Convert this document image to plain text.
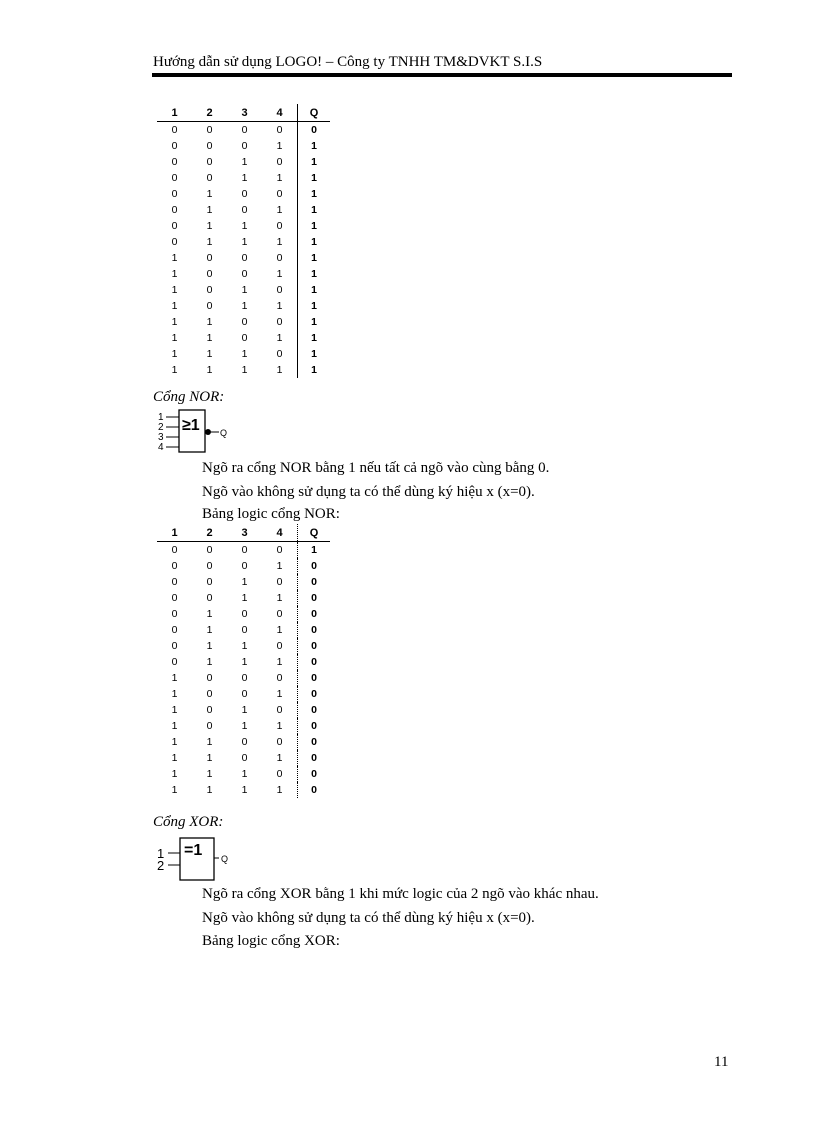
Hướng dẫn sử dụng LOGO! – Công ty TNHH TM&DVKT S.I.S
1	2	3	4	Q
0	0	0	0	0
0	0	0	1	1
0	0	1	0	1
0	0	1	1	1
0	1	0	0	1
0	1	0	1	1
0	1	1	0	1
0	1	1	1	1
1	0	0	0	1
1	0	0	1	1
1	0	1	0	1
1	0	1	1	1
1	1	0	0	1
1	1	0	1	1
1	1	1	0	1
1	1	1	1	1
Cổng NOR:
1
2
3
4
≥1 Q
Ngõ ra cổng NOR bằng 1 nếu tất cả ngõ vào cùng bằng 0.
Ngõ vào không sử dụng ta có thể dùng ký hiệu x (x=0).
Bảng logic cổng NOR:
1	2	3	4	Q
0	0	0	0	1
0	0	0	1	0
0	0	1	0	0
0	0	1	1	0
0	1	0	0	0
0	1	0	1	0
0	1	1	0	0
0	1	1	1	0
1	0	0	0	0
1	0	0	1	0
1	0	1	0	0
1	0	1	1	0
1	1	0	0	0
1	1	0	1	0
1	1	1	0	0
1	1	1	1	0
Cổng XOR:
1
2
=1 Q
Ngõ ra cổng XOR bằng 1 khi mức logic của 2 ngõ vào khác nhau.
Ngõ vào không sử dụng ta có thể dùng ký hiệu x (x=0).
Bảng logic cổng XOR:
11
